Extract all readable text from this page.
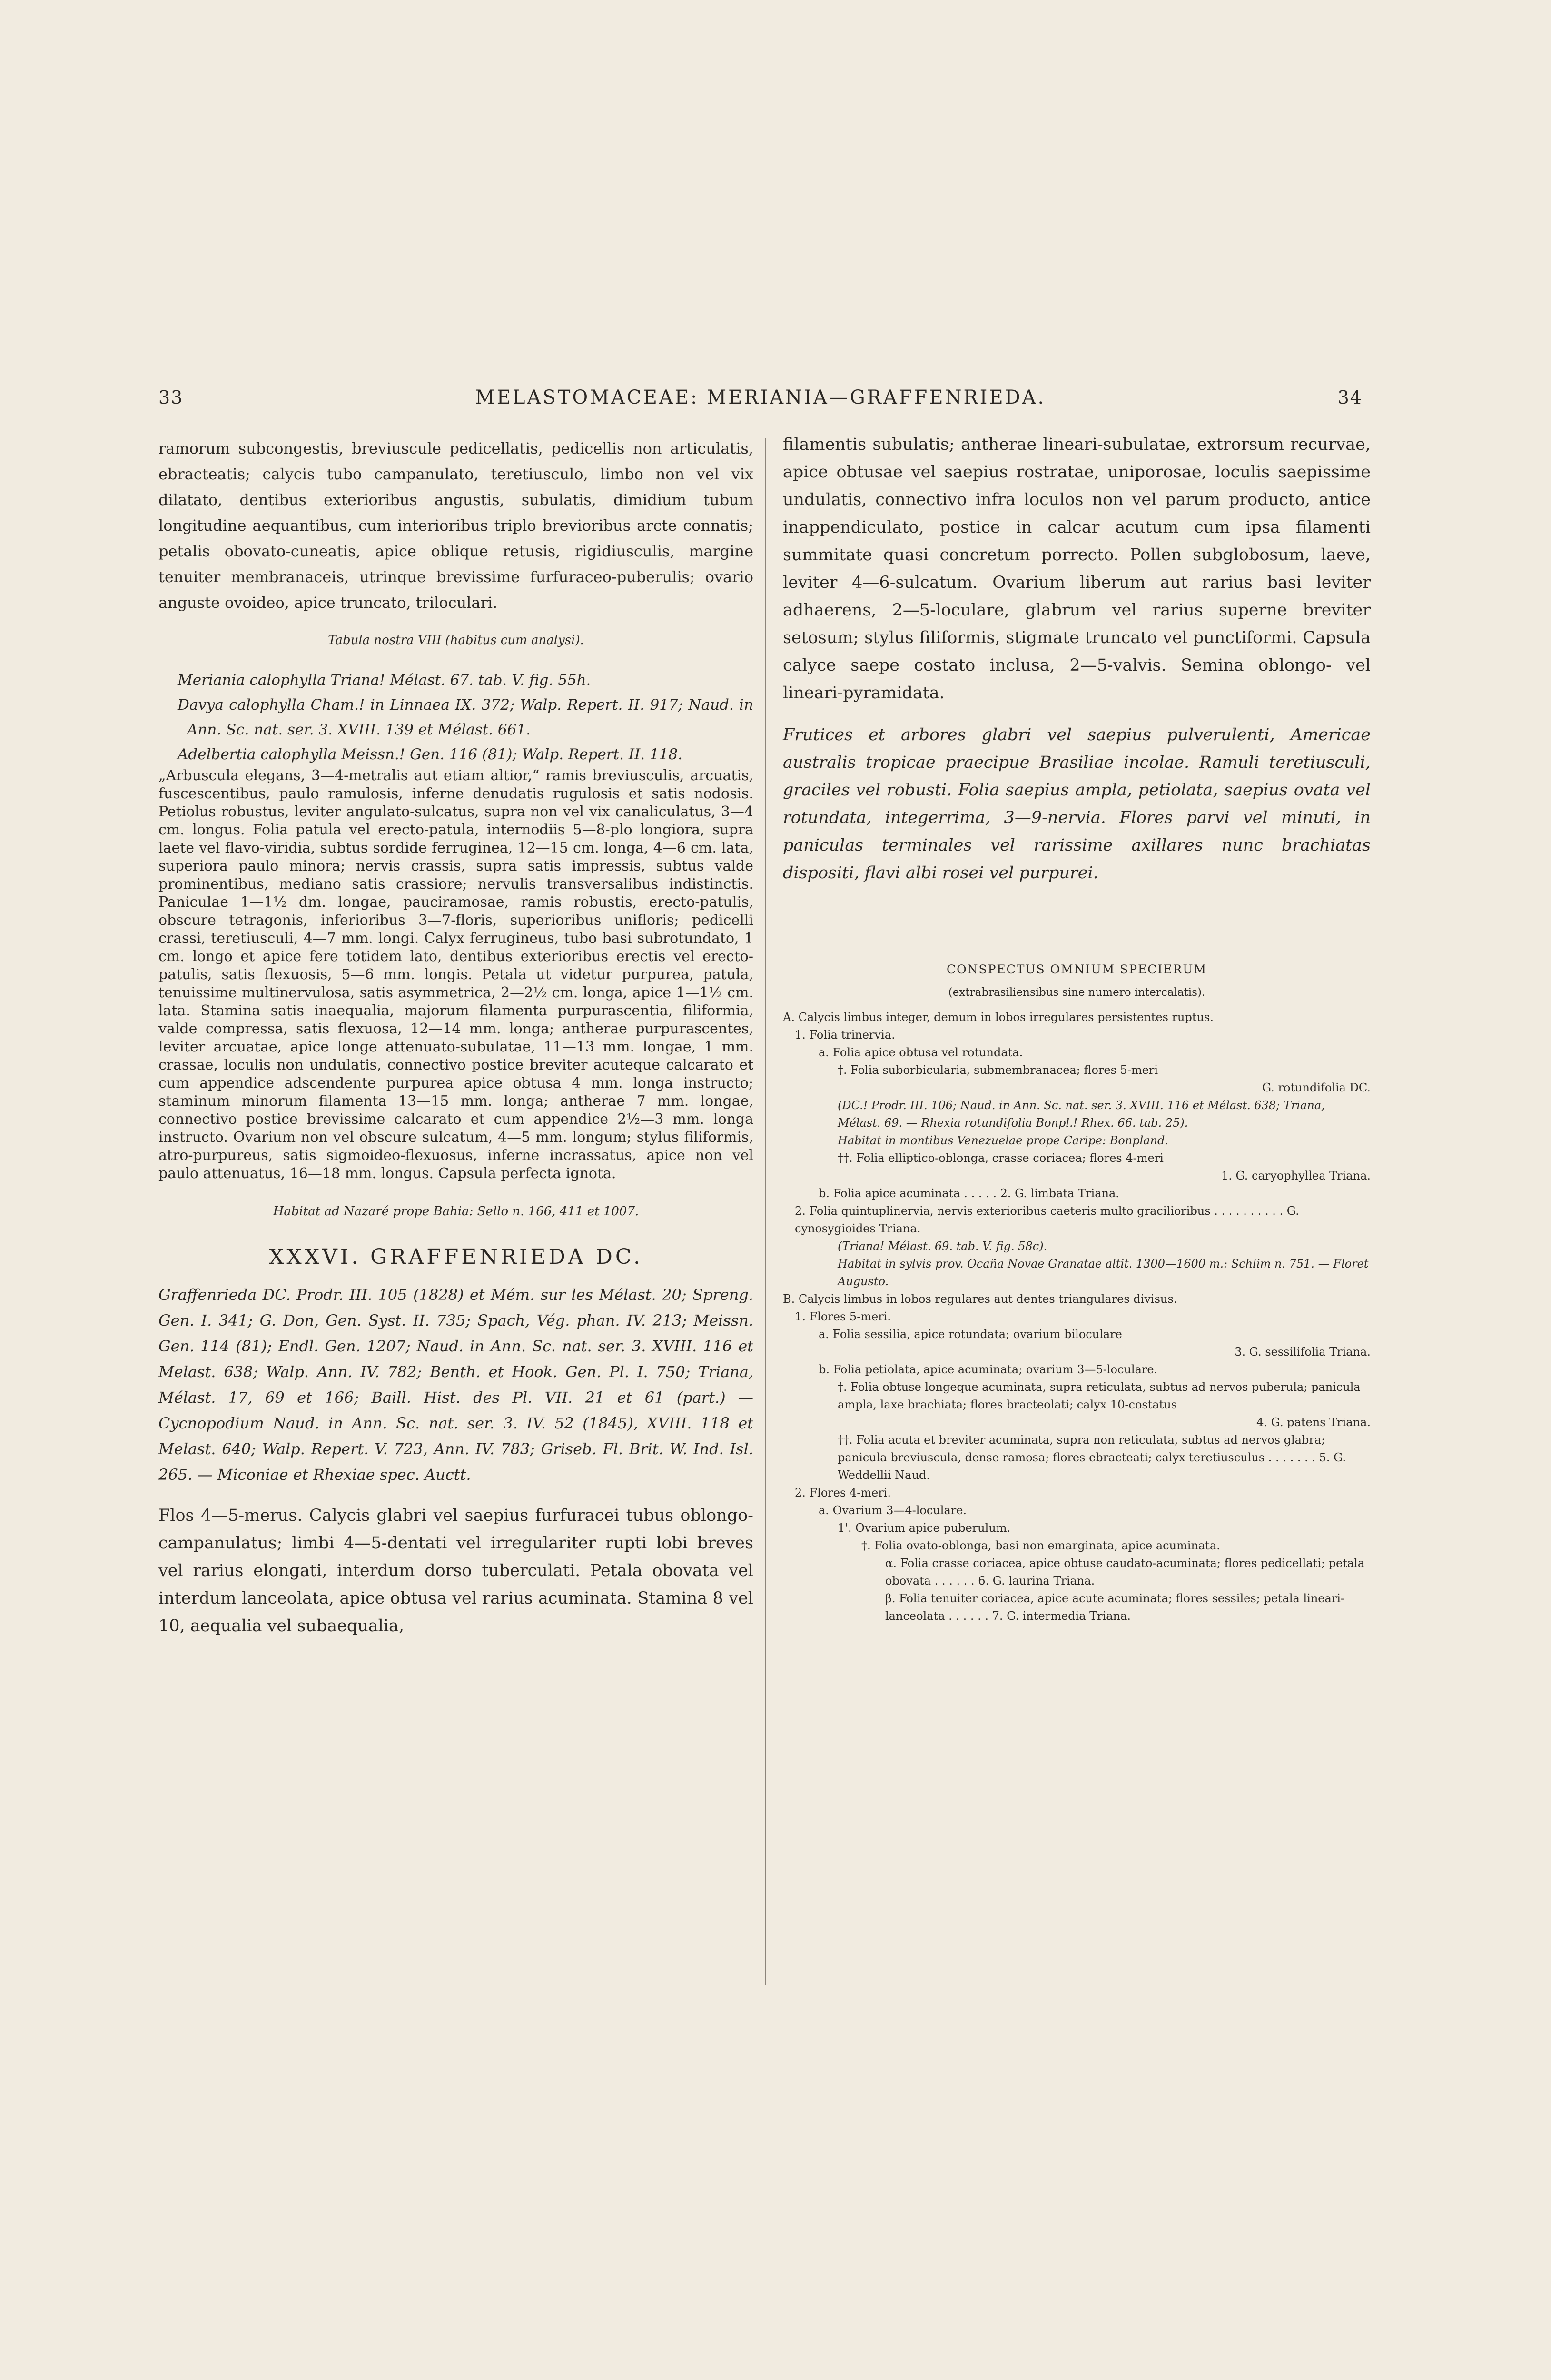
33	MELASTOMACEAE: MERIANIA—GRAFFENRIEDA.	34

ramorum subcongestis, breviuscule pedicellatis, pedicellis non articulatis, ebracteatis; calycis tubo campanulato, teretiusculo, limbo non vel vix dilatato, dentibus exterioribus angustis, subulatis, dimidium tubum longitudine aequantibus, cum interioribus triplo brevioribus arcte connatis; petalis obovato-cuneatis, apice oblique retusis, rigidiusculis, margine tenuiter membranaceis, utrinque brevissime furfuraceo-puberulis; ovario anguste ovoideo, apice truncato, triloculari.

Tabula nostra VIII (habitus cum analysi).

Meriania calophylla Triana! Mélast. 67. tab. V. fig. 55h.

Davya calophylla Cham.! in Linnaea IX. 372; Walp. Repert. II. 917; Naud. in Ann. Sc. nat. ser. 3. XVIII. 139 et Mélast. 661.

Adelbertia calophylla Meissn.! Gen. 116 (81); Walp. Repert. II. 118.

„Arbuscula elegans, 3—4-metralis aut etiam altior,“ ramis breviusculis, arcuatis, fuscescentibus, paulo ramulosis, inferne denudatis rugulosis et satis nodosis. Petiolus robustus, leviter angulato-sulcatus, supra non vel vix canaliculatus, 3—4 cm. longus. Folia patula vel erecto-patula, internodiis 5—8-plo longiora, supra laete vel flavo-viridia, subtus sordide ferruginea, 12—15 cm. longa, 4—6 cm. lata, superiora paulo minora; nervis crassis, supra satis impressis, subtus valde prominentibus, mediano satis crassiore; nervulis transversalibus indistinctis. Paniculae 1—1½ dm. longae, pauciramosae, ramis robustis, erecto-patulis, obscure tetragonis, inferioribus 3—7-floris, superioribus unifloris; pedicelli crassi, teretiusculi, 4—7 mm. longi. Calyx ferrugineus, tubo basi subrotundato, 1 cm. longo et apice fere totidem lato, dentibus exterioribus erectis vel erecto-patulis, satis flexuosis, 5—6 mm. longis. Petala ut videtur purpurea, patula, tenuissime multinervulosa, satis asymmetrica, 2—2½ cm. longa, apice 1—1½ cm. lata. Stamina satis inaequalia, majorum filamenta purpurascentia, filiformia, valde compressa, satis flexuosa, 12—14 mm. longa; antherae purpurascentes, leviter arcuatae, apice longe attenuato-subulatae, 11—13 mm. longae, 1 mm. crassae, loculis non undulatis, connectivo postice breviter acuteque calcarato et cum appendice adscendente purpurea apice obtusa 4 mm. longa instructo; staminum minorum filamenta 13—15 mm. longa; antherae 7 mm. longae, connectivo postice brevissime calcarato et cum appendice 2½—3 mm. longa instructo. Ovarium non vel obscure sulcatum, 4—5 mm. longum; stylus filiformis, atro-purpureus, satis sigmoideo-flexuosus, inferne incrassatus, apice non vel paulo attenuatus, 16—18 mm. longus. Capsula perfecta ignota.

Habitat ad Nazaré prope Bahia: Sello n. 166, 411 et 1007.
XXXVI. GRAFFENRIEDA DC.

Graffenrieda DC. Prodr. III. 105 (1828) et Mém. sur les Mélast. 20; Spreng. Gen. I. 341; G. Don, Gen. Syst. II. 735; Spach, Vég. phan. IV. 213; Meissn. Gen. 114 (81); Endl. Gen. 1207; Naud. in Ann. Sc. nat. ser. 3. XVIII. 116 et Melast. 638; Walp. Ann. IV. 782; Benth. et Hook. Gen. Pl. I. 750; Triana, Mélast. 17, 69 et 166; Baill. Hist. des Pl. VII. 21 et 61 (part.) — Cycnopodium Naud. in Ann. Sc. nat. ser. 3. IV. 52 (1845), XVIII. 118 et Melast. 640; Walp. Repert. V. 723, Ann. IV. 783; Griseb. Fl. Brit. W. Ind. Isl. 265. — Miconiae et Rhexiae spec. Auctt.

Flos 4—5-merus. Calycis glabri vel saepius furfuracei tubus oblongo-campanulatus; limbi 4—5-dentati vel irregulariter rupti lobi breves vel rarius elongati, interdum dorso tuberculati. Petala obovata vel interdum lanceolata, apice obtusa vel rarius acuminata. Stamina 8 vel 10, aequalia vel subaequalia,

filamentis subulatis; antherae lineari-subulatae, extrorsum recurvae, apice obtusae vel saepius rostratae, uniporosae, loculis saepissime undulatis, connectivo infra loculos non vel parum producto, antice inappendiculato, postice in calcar acutum cum ipsa filamenti summitate quasi concretum porrecto. Pollen subglobosum, laeve, leviter 4—6-sulcatum. Ovarium liberum aut rarius basi leviter adhaerens, 2—5-loculare, glabrum vel rarius superne breviter setosum; stylus filiformis, stigmate truncato vel punctiformi. Capsula calyce saepe costato inclusa, 2—5-valvis. Semina oblongo- vel lineari-pyramidata.

Frutices et arbores glabri vel saepius pulverulenti, Americae australis tropicae praecipue Brasiliae incolae. Ramuli teretiusculi, graciles vel robusti. Folia saepius ampla, petiolata, saepius ovata vel rotundata, integerrima, 3—9-nervia. Flores parvi vel minuti, in paniculas terminales vel rarissime axillares nunc brachiatas dispositi, flavi albi rosei vel purpurei.

CONSPECTUS OMNIUM SPECIERUM
(extrabrasiliensibus sine numero intercalatis).
A. Calycis limbus integer, demum in lobos irregulares persistentes ruptus.
1. Folia trinervia.
a. Folia apice obtusa vel rotundata.
†. Folia suborbicularia, submembranacea; flores 5-meri
G. rotundifolia DC.
(DC.! Prodr. III. 106; Naud. in Ann. Sc. nat. ser. 3. XVIII. 116 et Mélast. 638; Triana, Mélast. 69. — Rhexia rotundifolia Bonpl.! Rhex. 66. tab. 25).
Habitat in montibus Venezuelae prope Caripe: Bonpland.
††. Folia elliptico-oblonga, crasse coriacea; flores 4-meri
1. G. caryophyllea Triana.
b. Folia apice acuminata . . . . . 2. G. limbata Triana.
2. Folia quintuplinervia, nervis exterioribus caeteris multo gracilioribus . . . . . . . . . . G. cynosygioides Triana.
(Triana! Mélast. 69. tab. V. fig. 58c).
Habitat in sylvis prov. Ocaña Novae Granatae altit. 1300—1600 m.: Schlim n. 751. — Floret Augusto.
B. Calycis limbus in lobos regulares aut dentes triangulares divisus.
1. Flores 5-meri.
a. Folia sessilia, apice rotundata; ovarium biloculare
3. G. sessilifolia Triana.
b. Folia petiolata, apice acuminata; ovarium 3—5-loculare.
†. Folia obtuse longeque acuminata, supra reticulata, subtus ad nervos puberula; panicula ampla, laxe brachiata; flores bracteolati; calyx 10-costatus
4. G. patens Triana.
††. Folia acuta et breviter acuminata, supra non reticulata, subtus ad nervos glabra; panicula breviuscula, dense ramosa; flores ebracteati; calyx teretiusculus . . . . . . . 5. G. Weddellii Naud.
2. Flores 4-meri.
a. Ovarium 3—4-loculare.
1'. Ovarium apice puberulum.
†. Folia ovato-oblonga, basi non emarginata, apice acuminata.
α. Folia crasse coriacea, apice obtuse caudato-acuminata; flores pedicellati; petala obovata . . . . . . 6. G. laurina Triana.
β. Folia tenuiter coriacea, apice acute acuminata; flores sessiles; petala lineari-lanceolata . . . . . . 7. G. intermedia Triana.
